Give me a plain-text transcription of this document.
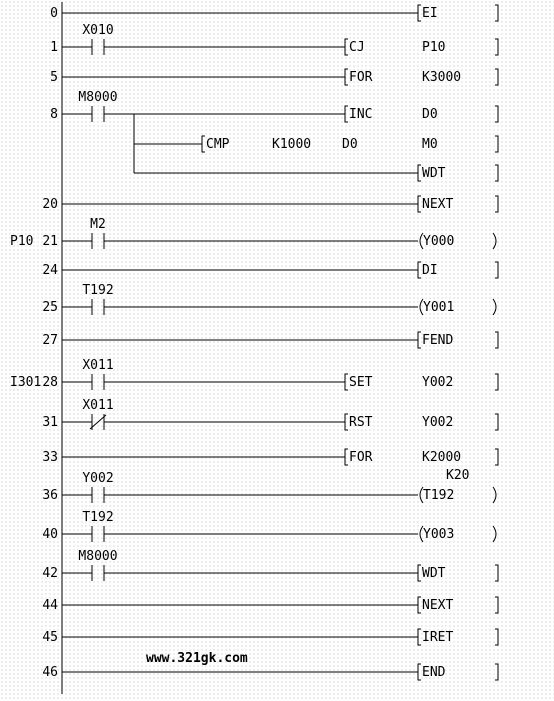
0	EI
1
X010
CJ	P10
5	FOR	K3000
8
M8000
INC	D0
CMP	K1000 D0	M0
WDT
20	NEXT
P10 21
M2
Y000
24	DI
25
T192
Y001
27	FEND
I301 28
X011
SET	Y002
31
X011
RST	Y002
33	FOR	K2000
36
Y002
T192
K20
40
T192
Y003
42
M8000
WDT
44	NEXT
45	IRET
46	END
www.321gk.com
